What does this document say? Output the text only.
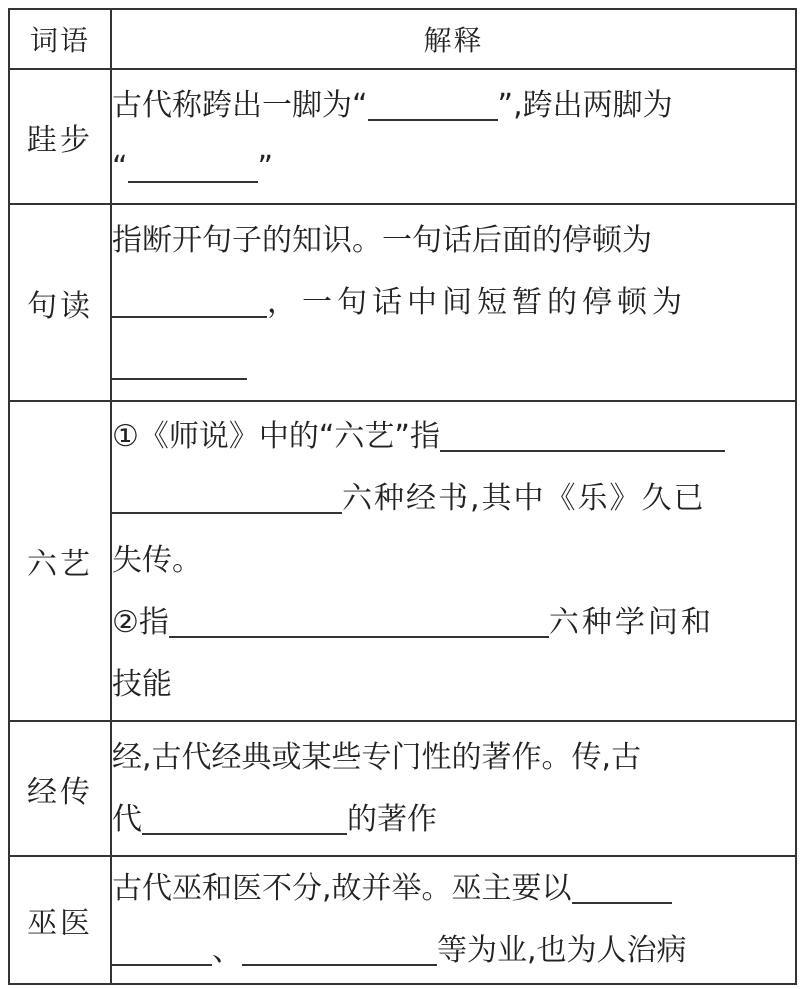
词语	解释
跬步	古代称跨出一脚为“ ”,跨出两脚为
“ ”

句读	指断开句子的知识。一句话后面的停顿为
，一句话中间短暂的停顿为

六艺	①《师说》中的“六艺”指
六种经书,其中《乐》久已
失传。
②指 六种学问和
技能

经传	经,古代经典或某些专门性的著作。传,古
代 的著作

巫医	古代巫和医不分,故并举。巫主要以
、 等为业,也为人治病
